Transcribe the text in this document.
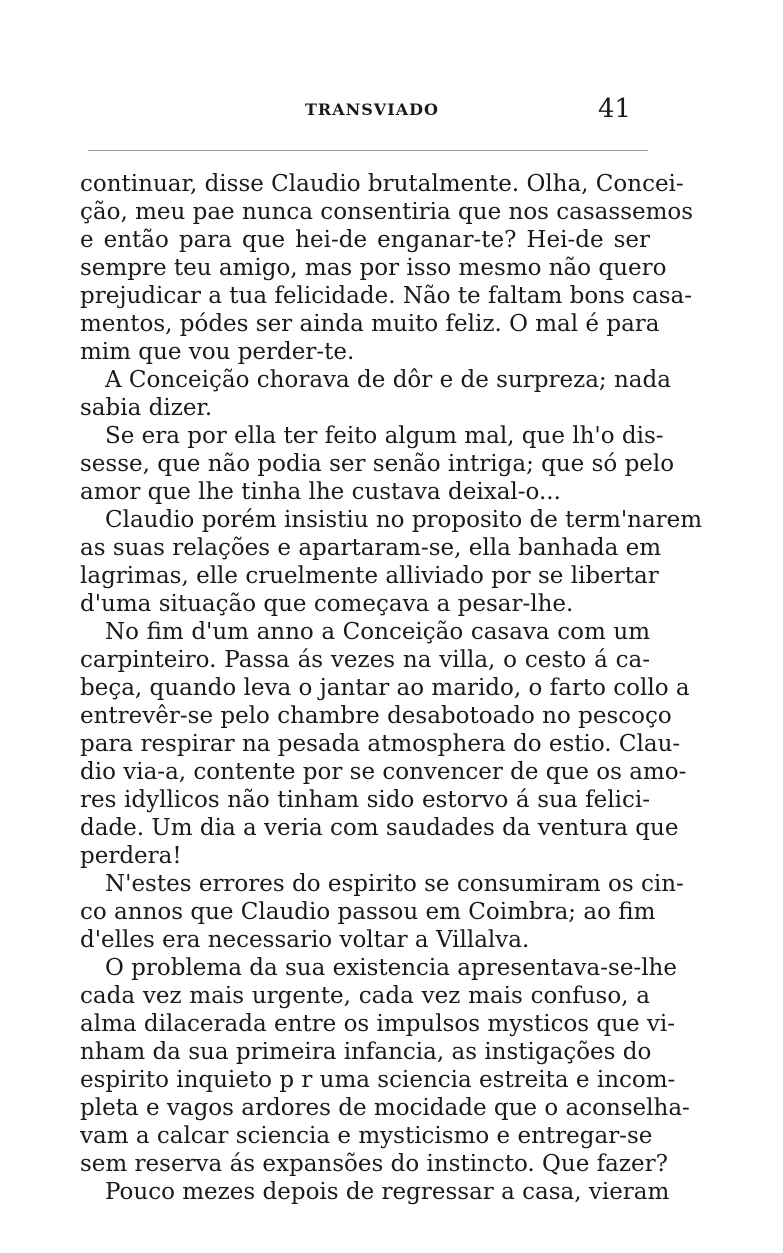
TRANSVIADO	41
continuar, disse Claudio brutalmente. Olha, Concei-
ção, meu pae nunca consentiria que nos casassemos
e então para que hei-de enganar-te? Hei-de ser
sempre teu amigo, mas por isso mesmo não quero
prejudicar a tua felicidade. Não te faltam bons casa-
mentos, pódes ser ainda muito feliz. O mal é para
mim que vou perder-te.
A Conceição chorava de dôr e de surpreza; nada
sabia dizer.
Se era por ella ter feito algum mal, que lh'o dis-
sesse, que não podia ser senão intriga; que só pelo
amor que lhe tinha lhe custava deixal-o...
Claudio porém insistiu no proposito de term'narem
as suas relações e apartaram-se, ella banhada em
lagrimas, elle cruelmente alliviado por se libertar
d'uma situação que começava a pesar-lhe.
No fim d'um anno a Conceição casava com um
carpinteiro. Passa ás vezes na villa, o cesto á ca-
beça, quando leva o jantar ao marido, o farto collo a
entrevêr-se pelo chambre desabotoado no pescoço
para respirar na pesada atmosphera do estio. Clau-
dio via-a, contente por se convencer de que os amo-
res idyllicos não tinham sido estorvo á sua felici-
dade. Um dia a veria com saudades da ventura que
perdera!
N'estes errores do espirito se consumiram os cin-
co annos que Claudio passou em Coimbra; ao fim
d'elles era necessario voltar a Villalva.
O problema da sua existencia apresentava-se-lhe
cada vez mais urgente, cada vez mais confuso, a
alma dilacerada entre os impulsos mysticos que vi-
nham da sua primeira infancia, as instigações do
espirito inquieto p r uma sciencia estreita e incom-
pleta e vagos ardores de mocidade que o aconselha-
vam a calcar sciencia e mysticismo e entregar-se
sem reserva ás expansões do instincto. Que fazer?
Pouco mezes depois de regressar a casa, vieram
